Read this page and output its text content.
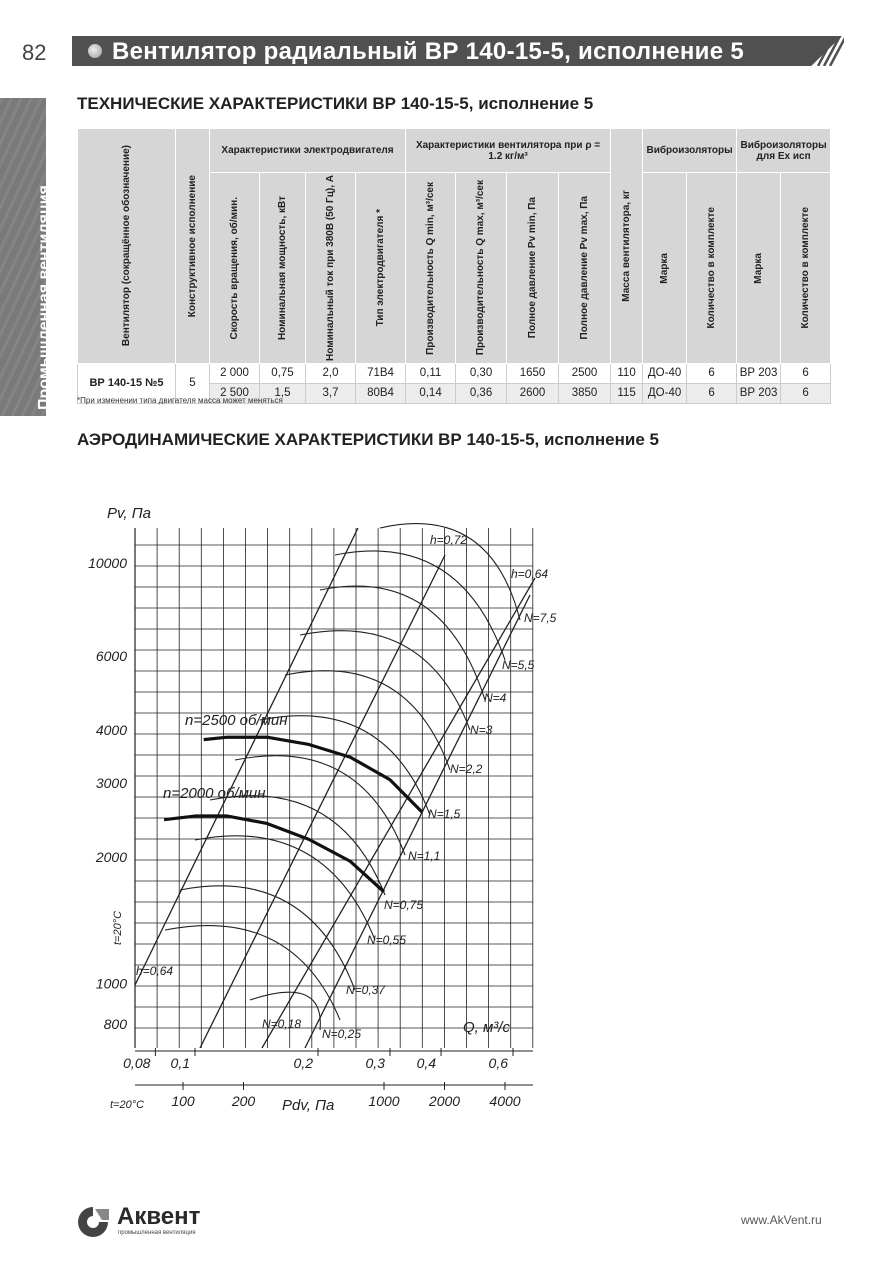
82	Вентилятор радиальный ВР 140-15-5, исполнение 5
Промышленная вентиляция
ТЕХНИЧЕСКИЕ ХАРАКТЕРИСТИКИ ВР 140-15-5, исполнение 5
Вентилятор (сокращённое обозначение)	Конструктивное исполнение	Характеристики электродвигателя				Характеристики вентилятора при ρ = 1.2 кг/м³				Масса вентилятора, кг	Виброизоляторы		Виброизоляторы для Ex исп	

		Скорость вращения, об/мин.	Номинальная мощность, кВт	Номинальный ток при 380В (50 Гц), А	Тип электродвигателя *	Производительность Q min, м³/сек	Производительность Q max, м³/сек	Полное давление Pv min, Па	Полное давление Pv max, Па		Марка	Количество в комплекте	Марка	Количество в комплекте

ВР 140-15 №5	5	2 000	0,75	2,0	71В4	0,11	0,30	1650	2500	110	ДО-40	6	ВР 203	6
		2 500	1,5	3,7	80В4	0,14	0,36	2600	3850	115	ДО-40	6	ВР 203	6
*При изменении типа двигателя масса может меняться
АЭРОДИНАМИЧЕСКИЕ ХАРАКТЕРИСТИКИ ВР 140-15-5, исполнение 5
n=2500 об/мин
n=2000 об/мин
800
1000
2000
3000
4000
6000
10000
0,08 0,1	0,2	0,3 0,4	0,6
100	200	1000 2000 4000
N=0,18
N=0,25
N=0,37
N=0,55
N=0,75
N=1,1
N=1,5
N=2,2
N=3
N=4
N=5,5
N=7,5
h=0,72
h=0,64
h=0,64
Pv, Па
Q, м³/с
Pdv, Па
t=20°C
t=20°C
Аквент
промышленная вентиляция
www.AkVent.ru
